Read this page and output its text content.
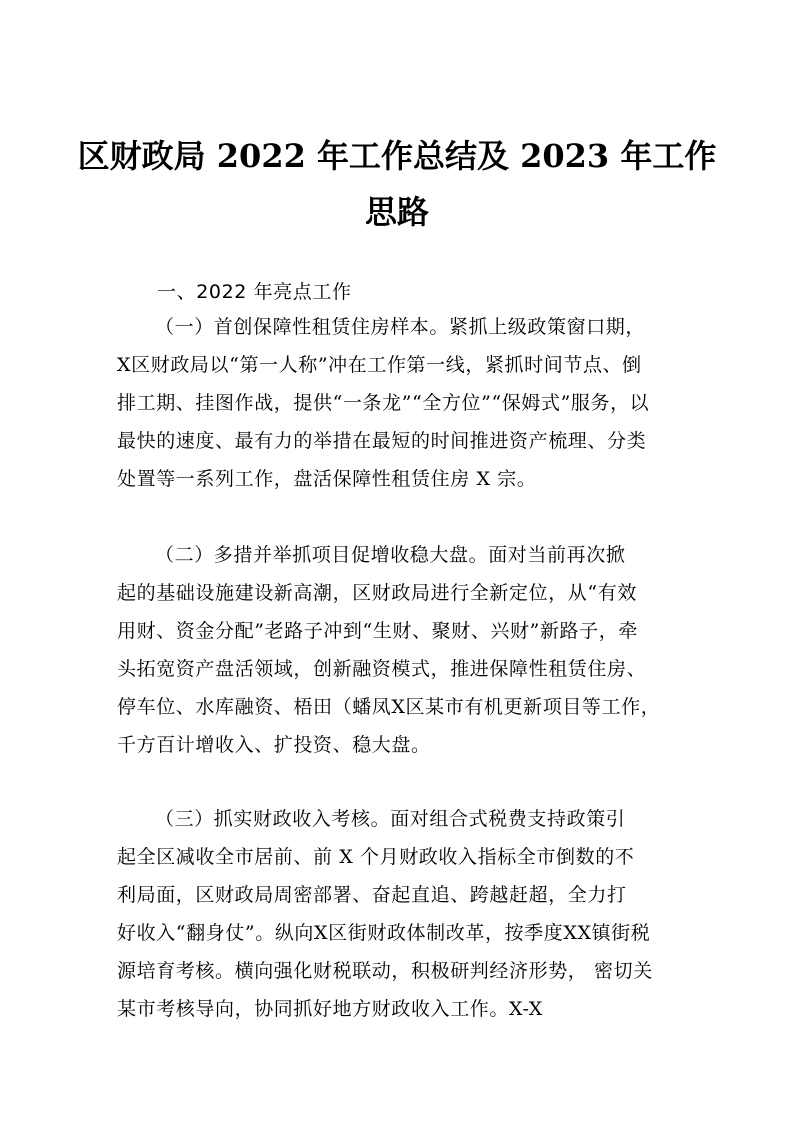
区财政局 2022 年工作总结及 2023 年工作
思路

一、2022 年亮点工作

（一）首创保障性租赁住房样本。紧抓上级政策窗口期，
X区财政局以“第一人称”冲在工作第一线，紧抓时间节点、倒
排工期、挂图作战，提供“一条龙”“全方位”“保姆式”服务，以
最快的速度、最有力的举措在最短的时间推进资产梳理、分类
处置等一系列工作，盘活保障性租赁住房 X 宗。
（二）多措并举抓项目促增收稳大盘。面对当前再次掀
起的基础设施建设新高潮，区财政局进行全新定位，从“有效
用财、资金分配”老路子冲到“生财、聚财、兴财”新路子，牵
头拓宽资产盘活领域，创新融资模式，推进保障性租赁住房、
停车位、水库融资、梧田（蟠凤X区某市有机更新项目等工作，
千方百计增收入、扩投资、稳大盘。
（三）抓实财政收入考核。面对组合式税费支持政策引
起全区减收全市居前、前 X 个月财政收入指标全市倒数的不
利局面，区财政局周密部署、奋起直追、跨越赶超，全力打
好收入“翻身仗”。纵向X区街财政体制改革，按季度XX镇街税
源培育考核。横向强化财税联动，积极研判经济形势， 密切关
某市考核导向，协同抓好地方财政收入工作。X-X
